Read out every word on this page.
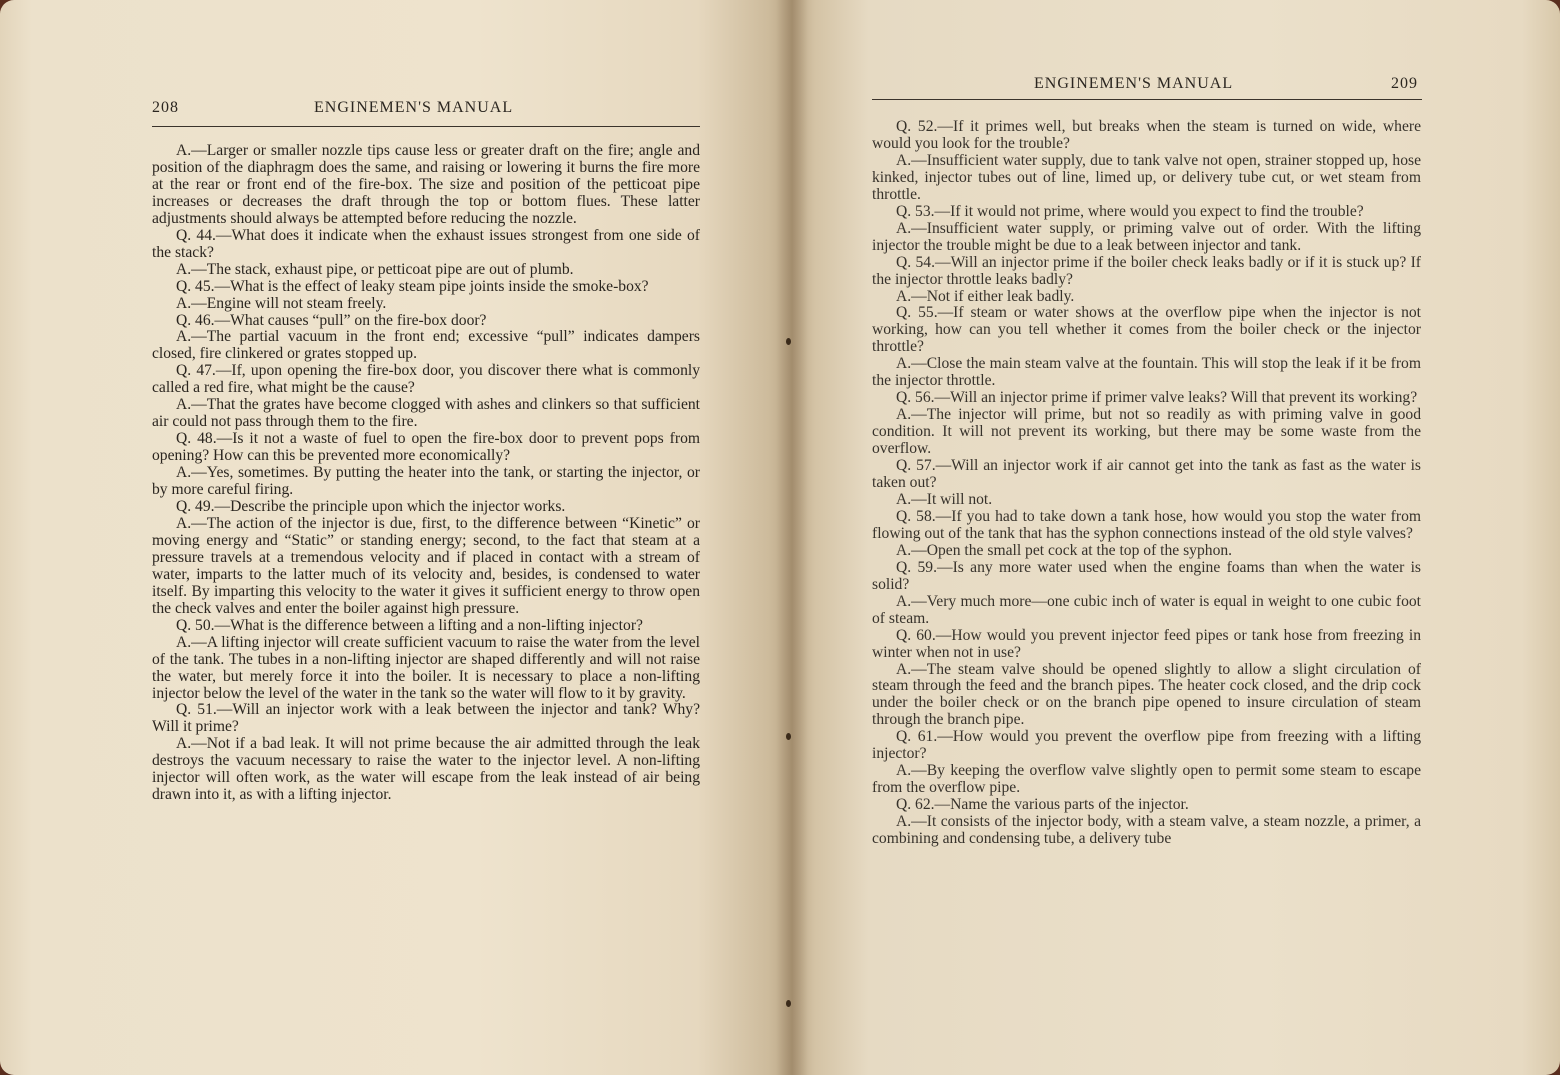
208	ENGINEMEN'S MANUAL

A.—Larger or smaller nozzle tips cause less or greater draft on the fire; angle and position of the diaphragm does the same, and raising or lowering it burns the fire more at the rear or front end of the fire-box. The size and position of the petticoat pipe increases or decreases the draft through the top or bottom flues. These latter adjustments should always be attempted before reducing the nozzle.

Q. 44.—What does it indicate when the exhaust issues strongest from one side of the stack?

A.—The stack, exhaust pipe, or petticoat pipe are out of plumb.

Q. 45.—What is the effect of leaky steam pipe joints inside the smoke-box?

A.—Engine will not steam freely.

Q. 46.—What causes “pull” on the fire-box door?

A.—The partial vacuum in the front end; excessive “pull” indicates dampers closed, fire clinkered or grates stopped up.

Q. 47.—If, upon opening the fire-box door, you discover there what is commonly called a red fire, what might be the cause?

A.—That the grates have become clogged with ashes and clinkers so that sufficient air could not pass through them to the fire.

Q. 48.—Is it not a waste of fuel to open the fire-box door to prevent pops from opening? How can this be prevented more economically?

A.—Yes, sometimes. By putting the heater into the tank, or starting the injector, or by more careful firing.

Q. 49.—Describe the principle upon which the injector works.

A.—The action of the injector is due, first, to the difference between “Kinetic” or moving energy and “Static” or standing energy; second, to the fact that steam at a pressure travels at a tremendous velocity and if placed in contact with a stream of water, imparts to the latter much of its velocity and, besides, is condensed to water itself. By imparting this velocity to the water it gives it sufficient energy to throw open the check valves and enter the boiler against high pressure.

Q. 50.—What is the difference between a lifting and a non-lifting injector?

A.—A lifting injector will create sufficient vacuum to raise the water from the level of the tank. The tubes in a non-lifting injector are shaped differently and will not raise the water, but merely force it into the boiler. It is necessary to place a non-lifting injector below the level of the water in the tank so the water will flow to it by gravity.

Q. 51.—Will an injector work with a leak between the injector and tank? Why? Will it prime?

A.—Not if a bad leak. It will not prime because the air admitted through the leak destroys the vacuum necessary to raise the water to the injector level. A non-lifting injector will often work, as the water will escape from the leak instead of air being drawn into it, as with a lifting injector.

ENGINEMEN'S MANUAL	209

Q. 52.—If it primes well, but breaks when the steam is turned on wide, where would you look for the trouble?

A.—Insufficient water supply, due to tank valve not open, strainer stopped up, hose kinked, injector tubes out of line, limed up, or delivery tube cut, or wet steam from throttle.

Q. 53.—If it would not prime, where would you expect to find the trouble?

A.—Insufficient water supply, or priming valve out of order. With the lifting injector the trouble might be due to a leak between injector and tank.

Q. 54.—Will an injector prime if the boiler check leaks badly or if it is stuck up? If the injector throttle leaks badly?

A.—Not if either leak badly.

Q. 55.—If steam or water shows at the overflow pipe when the injector is not working, how can you tell whether it comes from the boiler check or the injector throttle?

A.—Close the main steam valve at the fountain. This will stop the leak if it be from the injector throttle.

Q. 56.—Will an injector prime if primer valve leaks? Will that prevent its working?

A.—The injector will prime, but not so readily as with priming valve in good condition. It will not prevent its working, but there may be some waste from the overflow.

Q. 57.—Will an injector work if air cannot get into the tank as fast as the water is taken out?

A.—It will not.

Q. 58.—If you had to take down a tank hose, how would you stop the water from flowing out of the tank that has the syphon connections instead of the old style valves?

A.—Open the small pet cock at the top of the syphon.

Q. 59.—Is any more water used when the engine foams than when the water is solid?

A.—Very much more—one cubic inch of water is equal in weight to one cubic foot of steam.

Q. 60.—How would you prevent injector feed pipes or tank hose from freezing in winter when not in use?

A.—The steam valve should be opened slightly to allow a slight circulation of steam through the feed and the branch pipes. The heater cock closed, and the drip cock under the boiler check or on the branch pipe opened to insure circulation of steam through the branch pipe.

Q. 61.—How would you prevent the overflow pipe from freezing with a lifting injector?

A.—By keeping the overflow valve slightly open to permit some steam to escape from the overflow pipe.

Q. 62.—Name the various parts of the injector.

A.—It consists of the injector body, with a steam valve, a steam nozzle, a primer, a combining and condensing tube, a delivery tube
